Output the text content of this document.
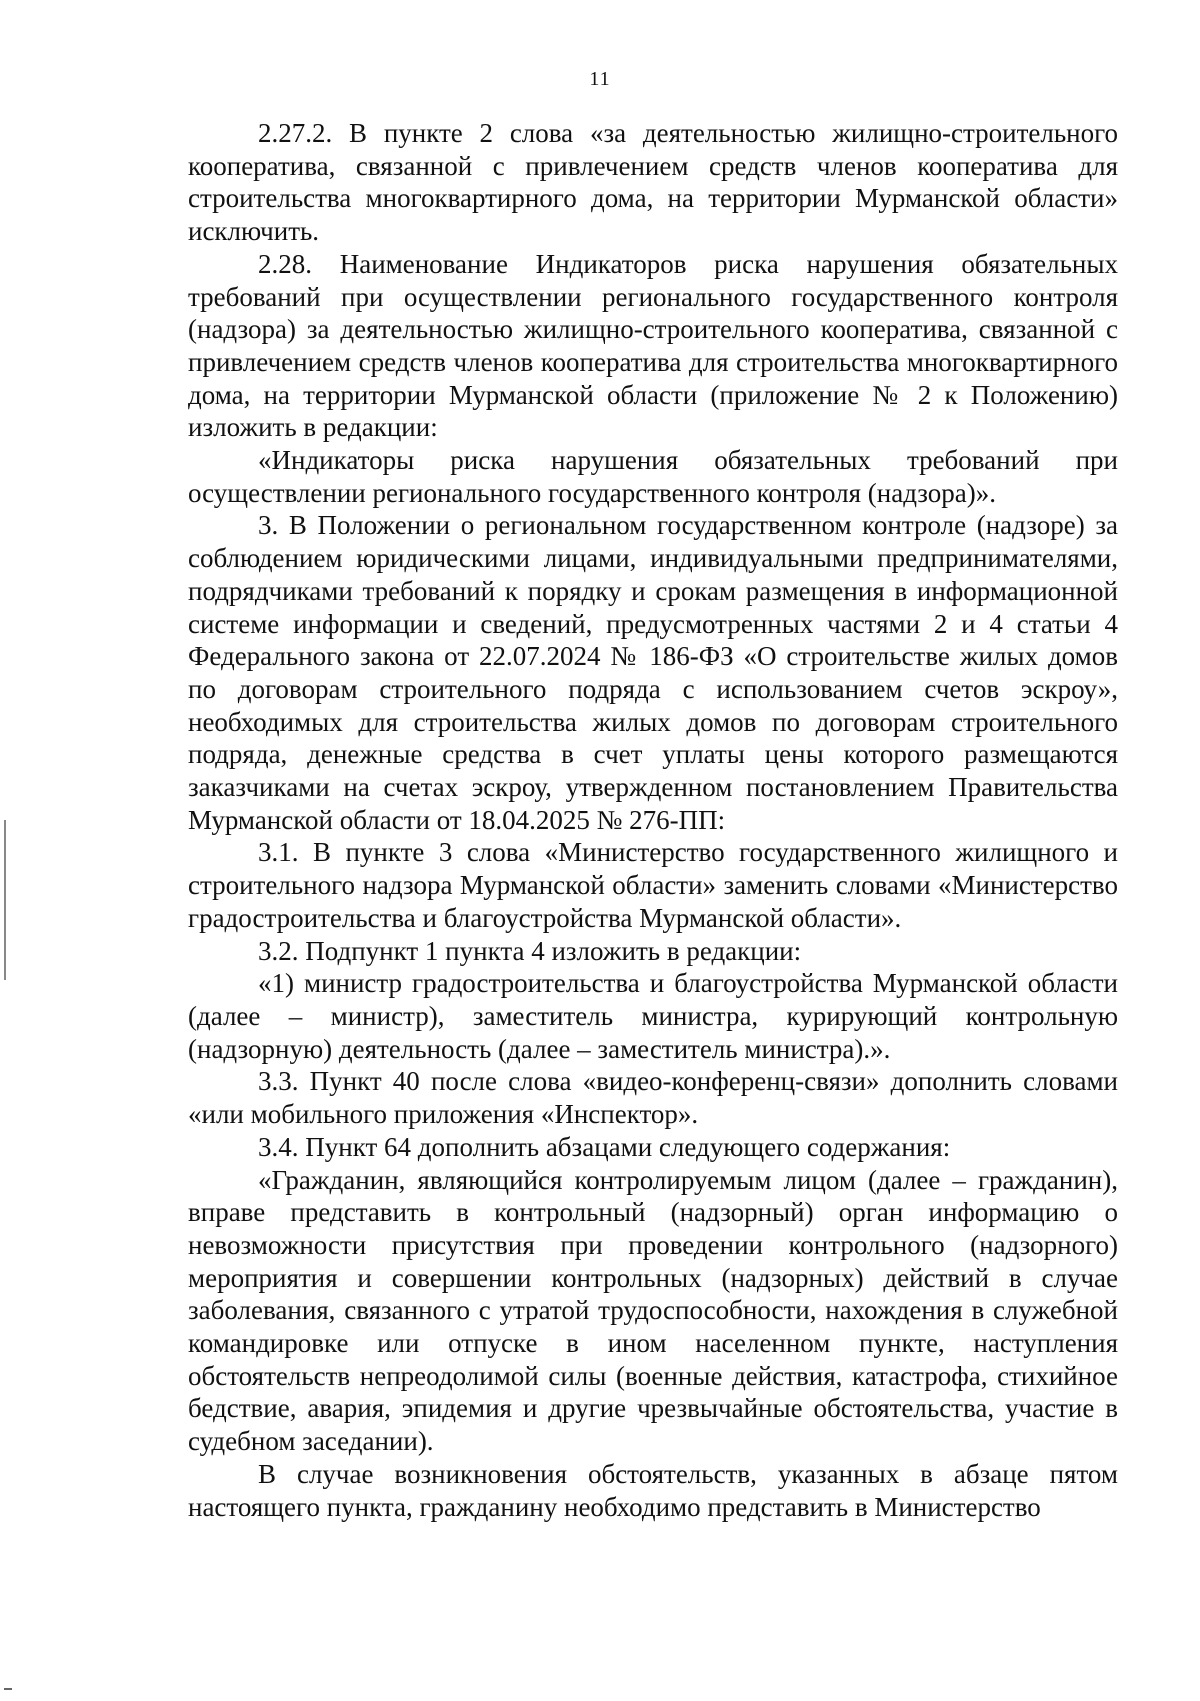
11

2.27.2. В пункте 2 слова «за деятельностью жилищно-строительного кооператива, связанной с привлечением средств членов кооператива для строительства многоквартирного дома, на территории Мурманской области» исключить.

2.28. Наименование Индикаторов риска нарушения обязательных требований при осуществлении регионального государственного контроля (надзора) за деятельностью жилищно-строительного кооператива, связанной с привлечением средств членов кооператива для строительства многоквартирного дома, на территории Мурманской области (приложение № 2 к Положению) изложить в редакции:

«Индикаторы риска нарушения обязательных требований при осуществлении регионального государственного контроля (надзора)».

3. В Положении о региональном государственном контроле (надзоре) за соблюдением юридическими лицами, индивидуальными предпринимателями, подрядчиками требований к порядку и срокам размещения в информационной системе информации и сведений, предусмотренных частями 2 и 4 статьи 4 Федерального закона от 22.07.2024 № 186-ФЗ «О строительстве жилых домов по договорам строительного подряда с использованием счетов эскроу», необходимых для строительства жилых домов по договорам строительного подряда, денежные средства в счет уплаты цены которого размещаются заказчиками на счетах эскроу, утвержденном постановлением Правительства Мурманской области от 18.04.2025 № 276-ПП:

3.1. В пункте 3 слова «Министерство государственного жилищного и строительного надзора Мурманской области» заменить словами «Министерство градостроительства и благоустройства Мурманской области».

3.2. Подпункт 1 пункта 4 изложить в редакции:

«1) министр градостроительства и благоустройства Мурманской области (далее – министр), заместитель министра, курирующий контрольную (надзорную) деятельность (далее – заместитель министра).».

3.3. Пункт 40 после слова «видео-конференц-связи» дополнить словами «или мобильного приложения «Инспектор».

3.4. Пункт 64 дополнить абзацами следующего содержания:

«Гражданин, являющийся контролируемым лицом (далее – гражданин), вправе представить в контрольный (надзорный) орган информацию о невозможности присутствия при проведении контрольного (надзорного) мероприятия и совершении контрольных (надзорных) действий в случае заболевания, связанного с утратой трудоспособности, нахождения в служебной командировке или отпуске в ином населенном пункте, наступления обстоятельств непреодолимой силы (военные действия, катастрофа, стихийное бедствие, авария, эпидемия и другие чрезвычайные обстоятельства, участие в судебном заседании).

В случае возникновения обстоятельств, указанных в абзаце пятом настоящего пункта, гражданину необходимо представить в Министерство
